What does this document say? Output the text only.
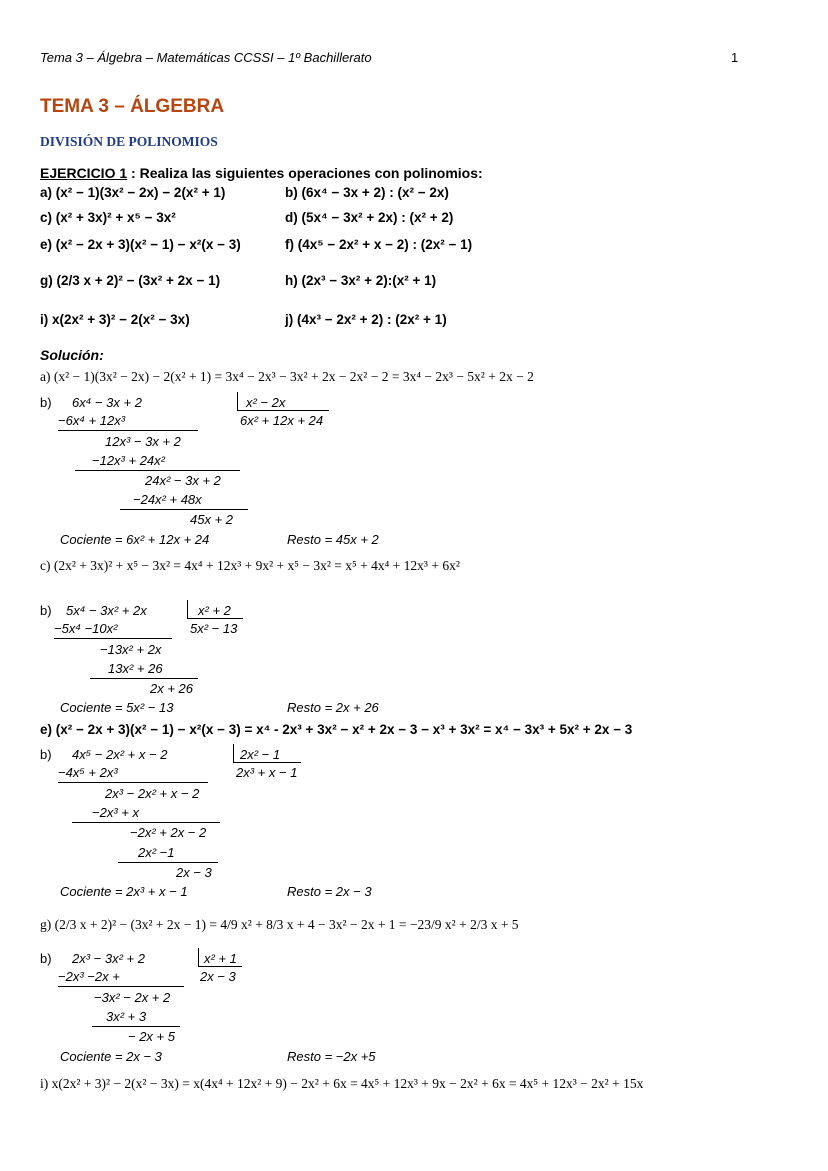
Tema 3 – Álgebra – Matemáticas CCSSI – 1º Bachillerato	1
TEMA 3 – ÁLGEBRA
DIVISIÓN DE POLINOMIOS
EJERCICIO 1 : Realiza las siguientes operaciones con polinomios:
a) (x² − 1)(3x² − 2x) − 2(x² + 1)	b) (6x⁴ − 3x + 2) : (x² − 2x)
c) (x² + 3x)² + x⁵ − 3x²	d) (5x⁴ − 3x² + 2x) : (x² + 2)
e) (x² − 2x + 3)(x² − 1) − x²(x − 3)	f) (4x⁵ − 2x² + x − 2) : (2x² − 1)
g) (2/3 x + 2)² − (3x² + 2x − 1)	h) (2x³ − 3x² + 2):(x² + 1)
i) x(2x² + 3)² − 2(x² − 3x)	j) (4x³ − 2x² + 2) : (2x² + 1)
Solución:
a) (x² − 1)(3x² − 2x) − 2(x² + 1) = 3x⁴ − 2x³ − 3x² + 2x − 2x² − 2 = 3x⁴ − 2x³ − 5x² + 2x − 2
b) 6x⁴ − 3x + 2	x² − 2x
6x² + 12x + 24
−6x⁴ + 12x³
12x³ − 3x + 2
−12x³ + 24x²
24x² − 3x + 2
−24x² + 48x
45x + 2
Cociente = 6x² + 12x + 24	Resto = 45x + 2
c) (2x² + 3x)² + x⁵ − 3x² = 4x⁴ + 12x³ + 9x² + x⁵ − 3x² = x⁵ + 4x⁴ + 12x³ + 6x²
b) 5x⁴ − 3x² + 2x	x² + 2
5x² − 13
−5x⁴ −10x²
−13x² + 2x
13x² + 26
2x + 26
Cociente = 5x² − 13	Resto = 2x + 26
e) (x² − 2x + 3)(x² − 1) − x²(x − 3) = x⁴ - 2x³ + 3x² − x² + 2x − 3 − x³ + 3x² = x⁴ − 3x³ + 5x² + 2x − 3
b) 4x⁵ − 2x² + x − 2	2x² − 1
2x³ + x − 1
−4x⁵ + 2x³
2x³ − 2x² + x − 2
−2x³ + x
−2x² + 2x − 2
2x² −1
2x − 3
Cociente = 2x³ + x − 1	Resto = 2x − 3
g) (2/3 x + 2)² − (3x² + 2x − 1) = 4/9 x² + 8/3 x + 4 − 3x² − 2x + 1 = −23/9 x² + 2/3 x + 5
b) 2x³ − 3x² + 2	x² + 1
2x − 3
−2x³ −2x +
−3x² − 2x + 2
3x² + 3
− 2x + 5
Cociente = 2x − 3	Resto = −2x +5
i) x(2x² + 3)² − 2(x² − 3x) = x(4x⁴ + 12x² + 9) − 2x² + 6x = 4x⁵ + 12x³ + 9x − 2x² + 6x = 4x⁵ + 12x³ − 2x² + 15x
